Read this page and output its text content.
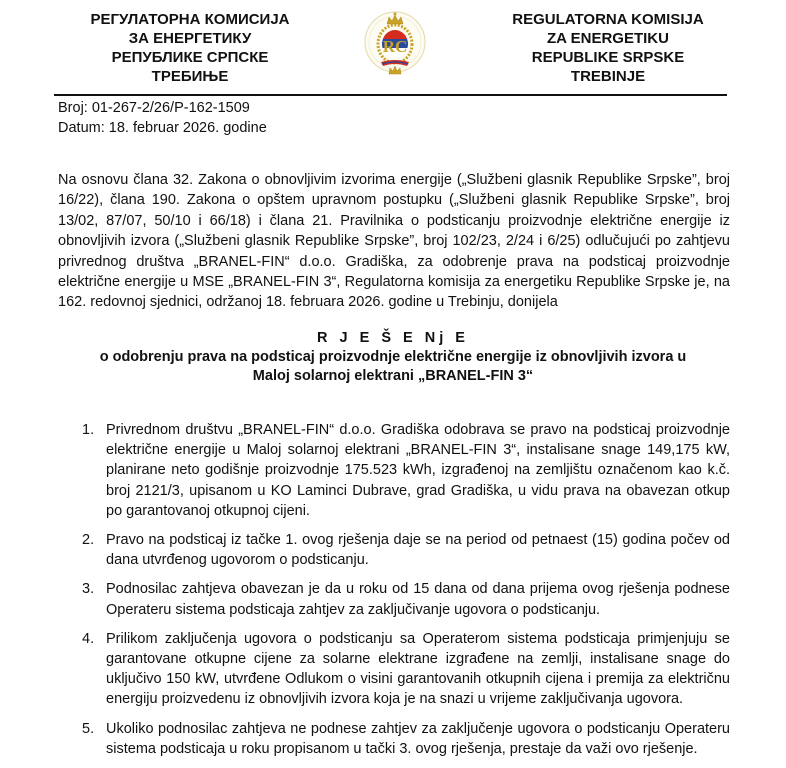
РЕГУЛАТОРНА КОМИСИЈА
ЗА ЕНЕРГЕТИКУ
РЕПУБЛИКЕ СРПСКЕ
ТРЕБИЊЕ
RC
REGULATORNA KOMISIJA
ZA ENERGETIKU
REPUBLIKE SRPSKE
TREBINJE
Broj: 01-267-2/26/P-162-1509
Datum: 18. februar 2026. godine
Na osnovu člana 32. Zakona o obnovljivim izvorima energije („Službeni glasnik Republike Srpske”, broj 16/22), člana 190. Zakona o opštem upravnom postupku („Službeni glasnik Republike Srpske”, broj 13/02, 87/07, 50/10 i 66/18) i člana 21. Pravilnika o podsticanju proizvodnje električne energije iz obnovljivih izvora („Službeni glasnik Republike Srpske”, broj 102/23, 2/24 i 6/25) odlučujući po zahtjevu privrednog društva „BRANEL-FIN“ d.o.o. Gradiška, za odobrenje prava na podsticaj proizvodnje električne energije u MSE „BRANEL-FIN 3“, Regulatorna komisija za energetiku Republike Srpske je, na 162. redovnoj sjednici, održanoj 18. februara 2026. godine u Trebinju, donijela
R J E Š E Nj E
o odobrenju prava na podsticaj proizvodnje električne energije iz obnovljivih izvora u
Maloj solarnoj elektrani „BRANEL-FIN 3“
1. Privrednom društvu „BRANEL-FIN“ d.o.o. Gradiška odobrava se pravo na podsticaj proizvodnje električne energije u Maloj solarnoj elektrani „BRANEL-FIN 3“, instalisane snage 149,175 kW, planirane neto godišnje proizvodnje 175.523 kWh, izgrađenoj na zemljištu označenom kao k.č. broj 2121/3, upisanom u KO Laminci Dubrave, grad Gradiška, u vidu prava na obavezan otkup po garantovanoj otkupnoj cijeni.
2. Pravo na podsticaj iz tačke 1. ovog rješenja daje se na period od petnaest (15) godina počev od dana utvrđenog ugovorom o podsticanju.
3. Podnosilac zahtjeva obavezan je da u roku od 15 dana od dana prijema ovog rješenja podnese Operateru sistema podsticaja zahtjev za zaključivanje ugovora o podsticanju.
4. Prilikom zaključenja ugovora o podsticanju sa Operaterom sistema podsticaja primjenjuju se garantovane otkupne cijene za solarne elektrane izgrađene na zemlji, instalisane snage do uključivo 150 kW, utvrđene Odlukom o visini garantovanih otkupnih cijena i premija za električnu energiju proizvedenu iz obnovljivih izvora koja je na snazi u vrijeme zaključivanja ugovora.
5. Ukoliko podnosilac zahtjeva ne podnese zahtjev za zaključenje ugovora o podsticanju Operateru sistema podsticaja u roku propisanom u tački 3. ovog rješenja, prestaje da važi ovo rješenje.
